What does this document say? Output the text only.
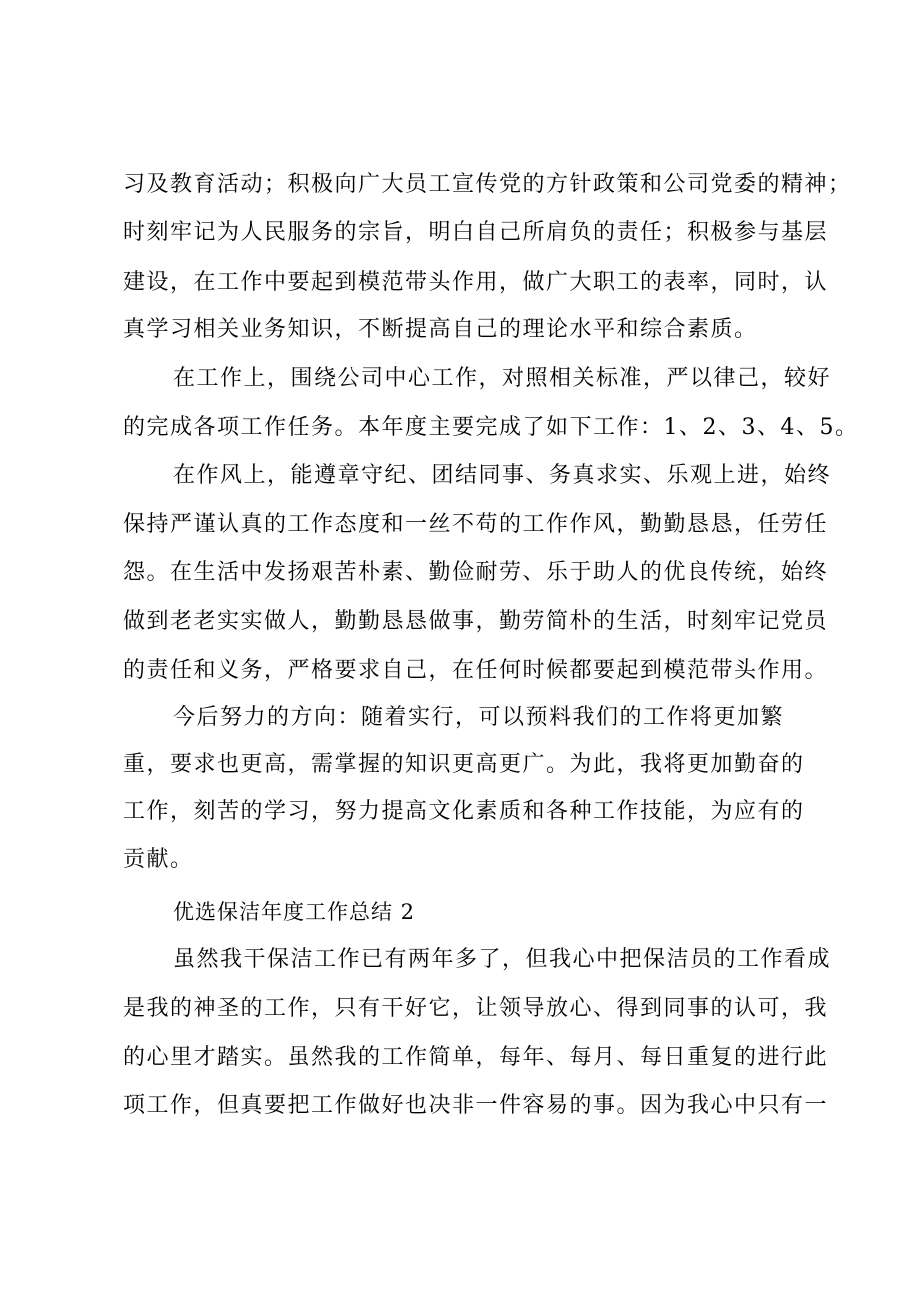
习及教育活动；积极向广大员工宣传党的方针政策和公司党委的精神；

时刻牢记为人民服务的宗旨，明白自己所肩负的责任；积极参与基层

建设，在工作中要起到模范带头作用，做广大职工的表率，同时，认

真学习相关业务知识，不断提高自己的理论水平和综合素质。

在工作上，围绕公司中心工作，对照相关标准，严以律己，较好

的完成各项工作任务。本年度主要完成了如下工作：1、2、3、4、5。

在作风上，能遵章守纪、团结同事、务真求实、乐观上进，始终

保持严谨认真的工作态度和一丝不苟的工作作风，勤勤恳恳，任劳任

怨。在生活中发扬艰苦朴素、勤俭耐劳、乐于助人的优良传统，始终

做到老老实实做人，勤勤恳恳做事，勤劳简朴的生活，时刻牢记党员

的责任和义务，严格要求自己，在任何时候都要起到模范带头作用。

今后努力的方向：随着实行，可以预料我们的工作将更加繁

重，要求也更高，需掌握的知识更高更广。为此，我将更加勤奋的

工作，刻苦的学习，努力提高文化素质和各种工作技能，为应有的

贡献。

优选保洁年度工作总结 2

虽然我干保洁工作已有两年多了，但我心中把保洁员的工作看成

是我的神圣的工作，只有干好它，让领导放心、得到同事的认可，我

的心里才踏实。虽然我的工作简单，每年、每月、每日重复的进行此

项工作，但真要把工作做好也决非一件容易的事。因为我心中只有一
